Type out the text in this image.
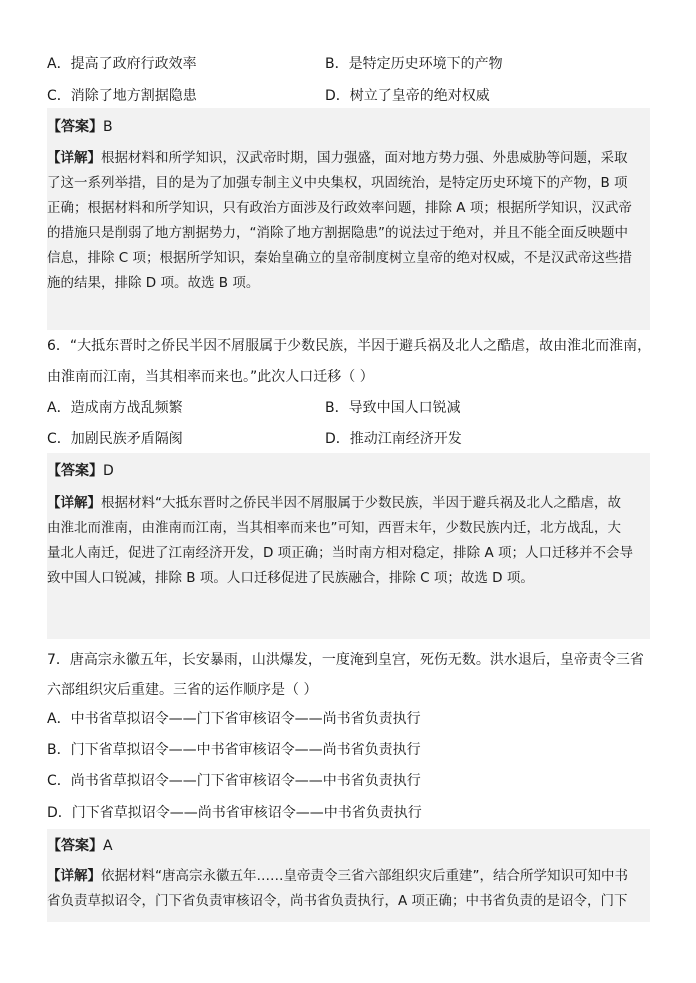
A．提高了政府行政效率	B．是特定历史环境下的产物
C．消除了地方割据隐患	D．树立了皇帝的绝对权威
【答案】B

【详解】根据材料和所学知识，汉武帝时期，国力强盛，面对地方势力强、外患威胁等问题，采取

了这一系列举措，目的是为了加强专制主义中央集权，巩固统治，是特定历史环境下的产物，B 项

正确；根据材料和所学知识，只有政治方面涉及行政效率问题，排除 A 项；根据所学知识，汉武帝

的措施只是削弱了地方割据势力，“消除了地方割据隐患”的说法过于绝对，并且不能全面反映题中

信息，排除 C 项；根据所学知识，秦始皇确立的皇帝制度树立皇帝的绝对权威，不是汉武帝这些措

施的结果，排除 D 项。故选 B 项。

6．“大抵东晋时之侨民半因不屑服属于少数民族，半因于避兵祸及北人之酷虐，故由淮北而淮南，
由淮南而江南，当其相率而来也。”此次人口迁移（ ）
A．造成南方战乱频繁	B．导致中国人口锐减
C．加剧民族矛盾隔阂	D．推动江南经济开发
【答案】D

【详解】根据材料“大抵东晋时之侨民半因不屑服属于少数民族，半因于避兵祸及北人之酷虐，故

由淮北而淮南，由淮南而江南，当其相率而来也”可知，西晋末年，少数民族内迁，北方战乱，大

量北人南迁，促进了江南经济开发，D 项正确；当时南方相对稳定，排除 A 项；人口迁移并不会导

致中国人口锐减，排除 B 项。人口迁移促进了民族融合，排除 C 项；故选 D 项。

7．唐高宗永徽五年，长安暴雨，山洪爆发，一度淹到皇宫，死伤无数。洪水退后，皇帝责令三省
六部组织灾后重建。三省的运作顺序是（ ）
A．中书省草拟诏令——门下省审核诏令——尚书省负责执行
B．门下省草拟诏令——中书省审核诏令——尚书省负责执行
C．尚书省草拟诏令——门下省审核诏令——中书省负责执行
D．门下省草拟诏令——尚书省审核诏令——中书省负责执行
【答案】A

【详解】依据材料“唐高宗永徽五年……皇帝责令三省六部组织灾后重建”，结合所学知识可知中书

省负责草拟诏令，门下省负责审核诏令，尚书省负责执行，A 项正确；中书省负责的是诏令，门下
